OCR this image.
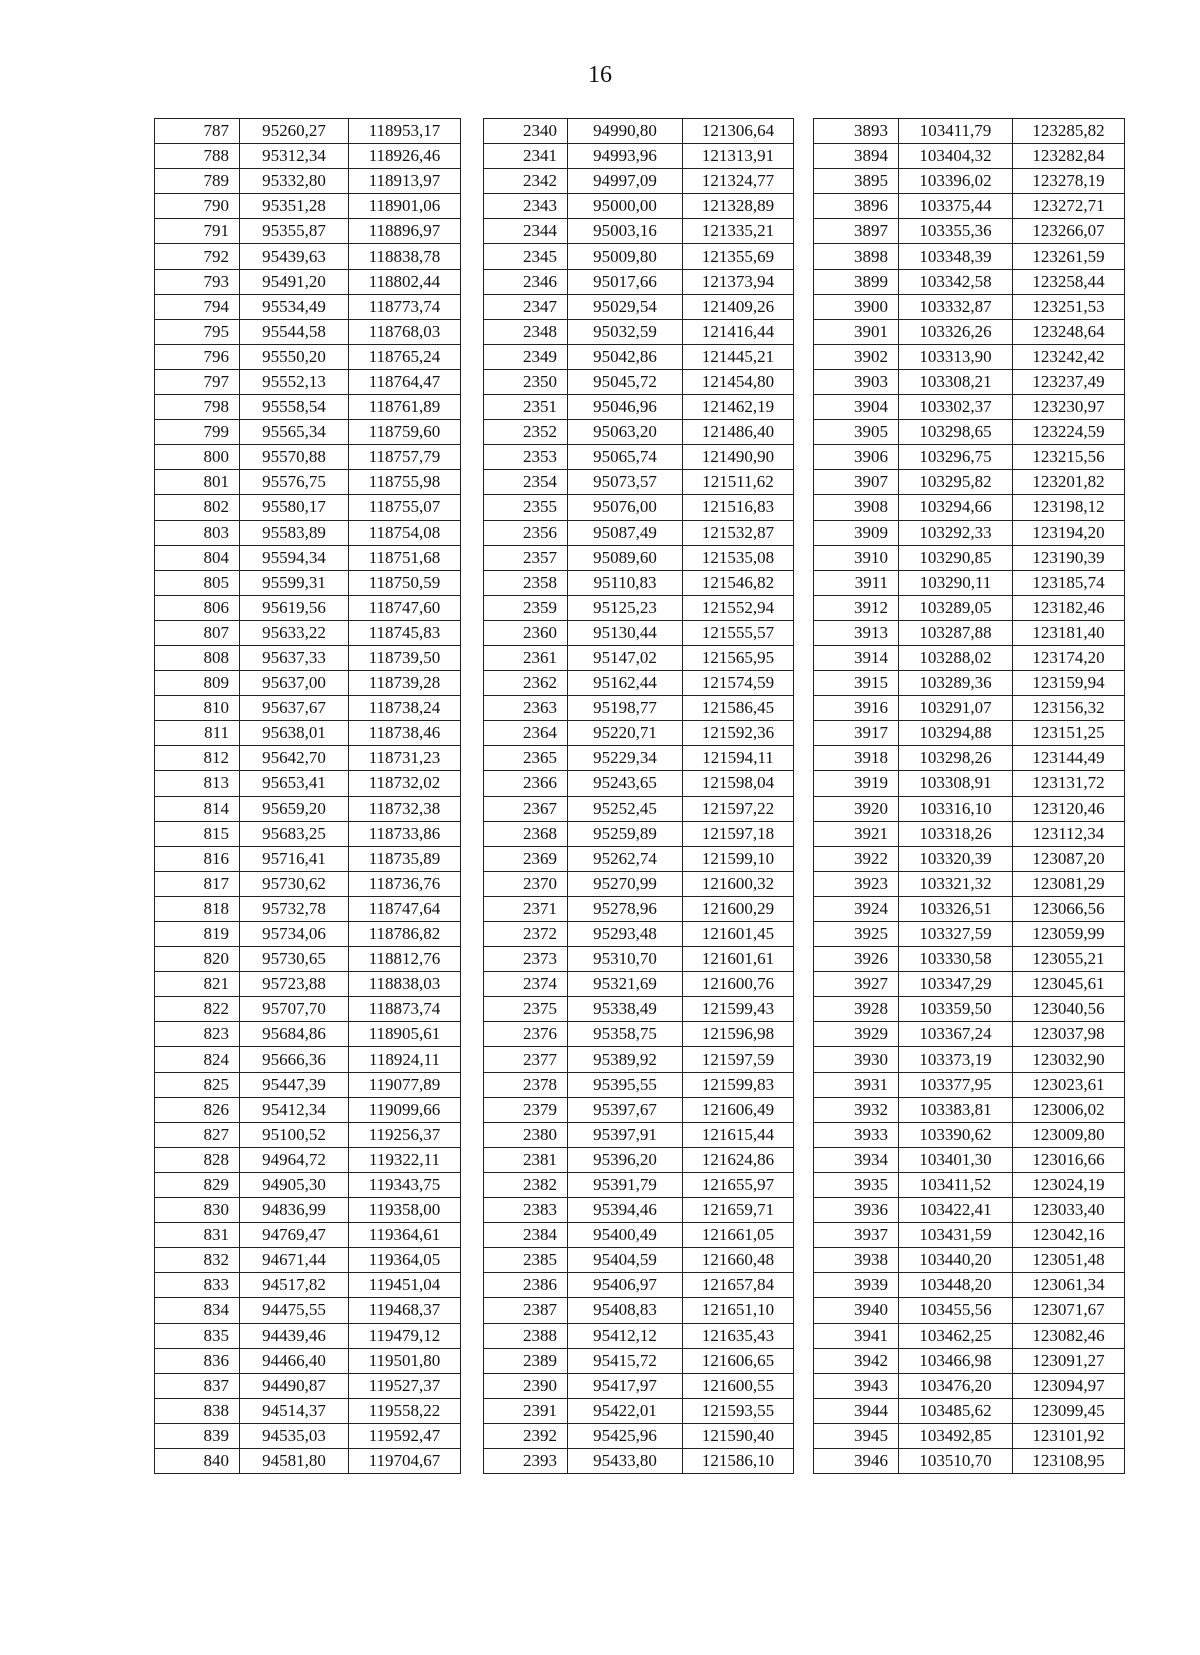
16
787	95260,27	118953,17
788	95312,34	118926,46
789	95332,80	118913,97
790	95351,28	118901,06
791	95355,87	118896,97
792	95439,63	118838,78
793	95491,20	118802,44
794	95534,49	118773,74
795	95544,58	118768,03
796	95550,20	118765,24
797	95552,13	118764,47
798	95558,54	118761,89
799	95565,34	118759,60
800	95570,88	118757,79
801	95576,75	118755,98
802	95580,17	118755,07
803	95583,89	118754,08
804	95594,34	118751,68
805	95599,31	118750,59
806	95619,56	118747,60
807	95633,22	118745,83
808	95637,33	118739,50
809	95637,00	118739,28
810	95637,67	118738,24
811	95638,01	118738,46
812	95642,70	118731,23
813	95653,41	118732,02
814	95659,20	118732,38
815	95683,25	118733,86
816	95716,41	118735,89
817	95730,62	118736,76
818	95732,78	118747,64
819	95734,06	118786,82
820	95730,65	118812,76
821	95723,88	118838,03
822	95707,70	118873,74
823	95684,86	118905,61
824	95666,36	118924,11
825	95447,39	119077,89
826	95412,34	119099,66
827	95100,52	119256,37
828	94964,72	119322,11
829	94905,30	119343,75
830	94836,99	119358,00
831	94769,47	119364,61
832	94671,44	119364,05
833	94517,82	119451,04
834	94475,55	119468,37
835	94439,46	119479,12
836	94466,40	119501,80
837	94490,87	119527,37
838	94514,37	119558,22
839	94535,03	119592,47
840	94581,80	119704,67
2340	94990,80	121306,64
2341	94993,96	121313,91
2342	94997,09	121324,77
2343	95000,00	121328,89
2344	95003,16	121335,21
2345	95009,80	121355,69
2346	95017,66	121373,94
2347	95029,54	121409,26
2348	95032,59	121416,44
2349	95042,86	121445,21
2350	95045,72	121454,80
2351	95046,96	121462,19
2352	95063,20	121486,40
2353	95065,74	121490,90
2354	95073,57	121511,62
2355	95076,00	121516,83
2356	95087,49	121532,87
2357	95089,60	121535,08
2358	95110,83	121546,82
2359	95125,23	121552,94
2360	95130,44	121555,57
2361	95147,02	121565,95
2362	95162,44	121574,59
2363	95198,77	121586,45
2364	95220,71	121592,36
2365	95229,34	121594,11
2366	95243,65	121598,04
2367	95252,45	121597,22
2368	95259,89	121597,18
2369	95262,74	121599,10
2370	95270,99	121600,32
2371	95278,96	121600,29
2372	95293,48	121601,45
2373	95310,70	121601,61
2374	95321,69	121600,76
2375	95338,49	121599,43
2376	95358,75	121596,98
2377	95389,92	121597,59
2378	95395,55	121599,83
2379	95397,67	121606,49
2380	95397,91	121615,44
2381	95396,20	121624,86
2382	95391,79	121655,97
2383	95394,46	121659,71
2384	95400,49	121661,05
2385	95404,59	121660,48
2386	95406,97	121657,84
2387	95408,83	121651,10
2388	95412,12	121635,43
2389	95415,72	121606,65
2390	95417,97	121600,55
2391	95422,01	121593,55
2392	95425,96	121590,40
2393	95433,80	121586,10
3893	103411,79	123285,82
3894	103404,32	123282,84
3895	103396,02	123278,19
3896	103375,44	123272,71
3897	103355,36	123266,07
3898	103348,39	123261,59
3899	103342,58	123258,44
3900	103332,87	123251,53
3901	103326,26	123248,64
3902	103313,90	123242,42
3903	103308,21	123237,49
3904	103302,37	123230,97
3905	103298,65	123224,59
3906	103296,75	123215,56
3907	103295,82	123201,82
3908	103294,66	123198,12
3909	103292,33	123194,20
3910	103290,85	123190,39
3911	103290,11	123185,74
3912	103289,05	123182,46
3913	103287,88	123181,40
3914	103288,02	123174,20
3915	103289,36	123159,94
3916	103291,07	123156,32
3917	103294,88	123151,25
3918	103298,26	123144,49
3919	103308,91	123131,72
3920	103316,10	123120,46
3921	103318,26	123112,34
3922	103320,39	123087,20
3923	103321,32	123081,29
3924	103326,51	123066,56
3925	103327,59	123059,99
3926	103330,58	123055,21
3927	103347,29	123045,61
3928	103359,50	123040,56
3929	103367,24	123037,98
3930	103373,19	123032,90
3931	103377,95	123023,61
3932	103383,81	123006,02
3933	103390,62	123009,80
3934	103401,30	123016,66
3935	103411,52	123024,19
3936	103422,41	123033,40
3937	103431,59	123042,16
3938	103440,20	123051,48
3939	103448,20	123061,34
3940	103455,56	123071,67
3941	103462,25	123082,46
3942	103466,98	123091,27
3943	103476,20	123094,97
3944	103485,62	123099,45
3945	103492,85	123101,92
3946	103510,70	123108,95
